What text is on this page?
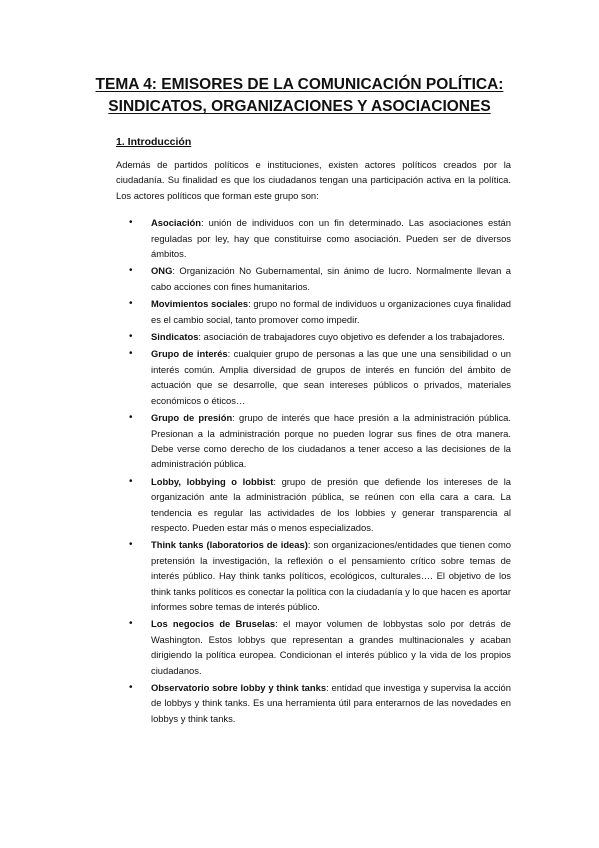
TEMA 4: EMISORES DE LA COMUNICACIÓN POLÍTICA:
SINDICATOS, ORGANIZACIONES Y ASOCIACIONES
1. Introducción

Además de partidos políticos e instituciones, existen actores políticos creados por la ciudadanía. Su finalidad es que los ciudadanos tengan una participación activa en la política. Los actores políticos que forman este grupo son:

• Asociación: unión de individuos con un fin determinado. Las asociaciones están reguladas por ley, hay que constituirse como asociación. Pueden ser de diversos ámbitos.
• ONG: Organización No Gubernamental, sin ánimo de lucro. Normalmente llevan a cabo acciones con fines humanitarios.
• Movimientos sociales: grupo no formal de individuos u organizaciones cuya finalidad es el cambio social, tanto promover como impedir.
• Sindicatos: asociación de trabajadores cuyo objetivo es defender a los trabajadores.
• Grupo de interés: cualquier grupo de personas a las que une una sensibilidad o un interés común. Amplia diversidad de grupos de interés en función del ámbito de actuación que se desarrolle, que sean intereses públicos o privados, materiales económicos o éticos…
• Grupo de presión: grupo de interés que hace presión a la administración pública. Presionan a la administración porque no pueden lograr sus fines de otra manera. Debe verse como derecho de los ciudadanos a tener acceso a las decisiones de la administración pública.
• Lobby, lobbying o lobbist: grupo de presión que defiende los intereses de la organización ante la administración pública, se reúnen con ella cara a cara. La tendencia es regular las actividades de los lobbies y generar transparencia al respecto. Pueden estar más o menos especializados.
• Think tanks (laboratorios de ideas): son organizaciones/entidades que tienen como pretensión la investigación, la reflexión o el pensamiento crítico sobre temas de interés público. Hay think tanks políticos, ecológicos, culturales…. El objetivo de los think tanks políticos es conectar la política con la ciudadanía y lo que hacen es aportar informes sobre temas de interés público.
• Los negocios de Bruselas: el mayor volumen de lobbystas solo por detrás de Washington. Estos lobbys que representan a grandes multinacionales y acaban dirigiendo la política europea. Condicionan el interés público y la vida de los propios ciudadanos.
• Observatorio sobre lobby y think tanks: entidad que investiga y supervisa la acción de lobbys y think tanks. Es una herramienta útil para enterarnos de las novedades en lobbys y think tanks.
